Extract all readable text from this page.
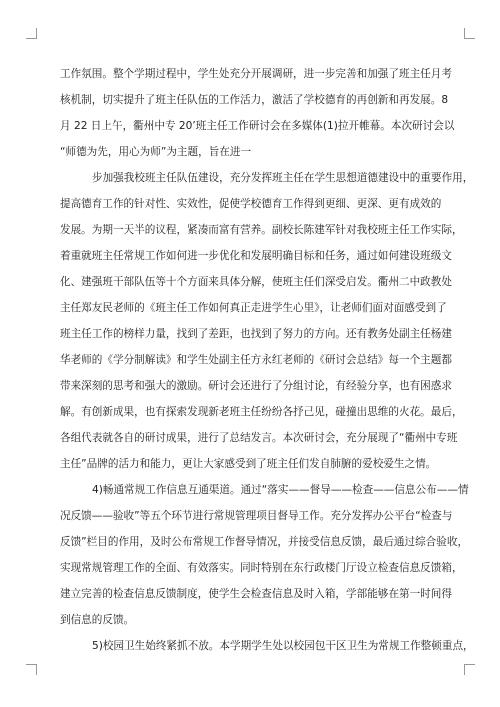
工作氛围。整个学期过程中，学生处充分开展调研，进一步完善和加强了班主任月考
核机制，切实提升了班主任队伍的工作活力，激活了学校德育的再创新和再发展。8
月 22 日上午，衢州中专 20’班主任工作研讨会在多媒体(1)拉开帷幕。本次研讨会以
“师德为先，用心为师”为主题，旨在进一
步加强我校班主任队伍建设，充分发挥班主任在学生思想道德建设中的重要作用，
提高德育工作的针对性、实效性，促使学校德育工作得到更细、更深、更有成效的
发展。为期一天半的议程，紧凑而富有营养。副校长陈建军针对我校班主任工作实际，
着重就班主任常规工作如何进一步优化和发展明确目标和任务，通过如何建设班级文
化、建强班干部队伍等十个方面来具体分解，使班主任们深受启发。衢州二中政教处
主任郑友民老师的《班主任工作如何真正走进学生心里》，让老师们面对面感受到了
班主任工作的榜样力量，找到了差距，也找到了努力的方向。还有教务处副主任杨建
华老师的《学分制解读》和学生处副主任方永红老师的《研讨会总结》每一个主题都
带来深刻的思考和强大的激励。研讨会还进行了分组讨论，有经验分享，也有困惑求
解。有创新成果，也有探索发现新老班主任纷纷各抒己见，碰撞出思维的火花。最后，
各组代表就各自的研讨成果，进行了总结发言。本次研讨会，充分展现了“衢州中专班
主任”品牌的活力和能力，更让大家感受到了班主任们发自肺腑的爱校爱生之情。
4)畅通常规工作信息互通渠道。通过“落实——督导——检查——信息公布——情
况反馈——验收”等五个环节进行常规管理项目督导工作。充分发挥办公平台“检查与
反馈”栏目的作用，及时公布常规工作督导情况，并接受信息反馈，最后通过综合验收，
实现常规管理工作的全面、有效落实。同时特别在东行政楼门厅设立检查信息反馈箱，
建立完善的检查信息反馈制度，使学生会检查信息及时入箱，学部能够在第一时间得
到信息的反馈。
5)校园卫生始终紧抓不放。本学期学生处以校园包干区卫生为常规工作整顿重点，
